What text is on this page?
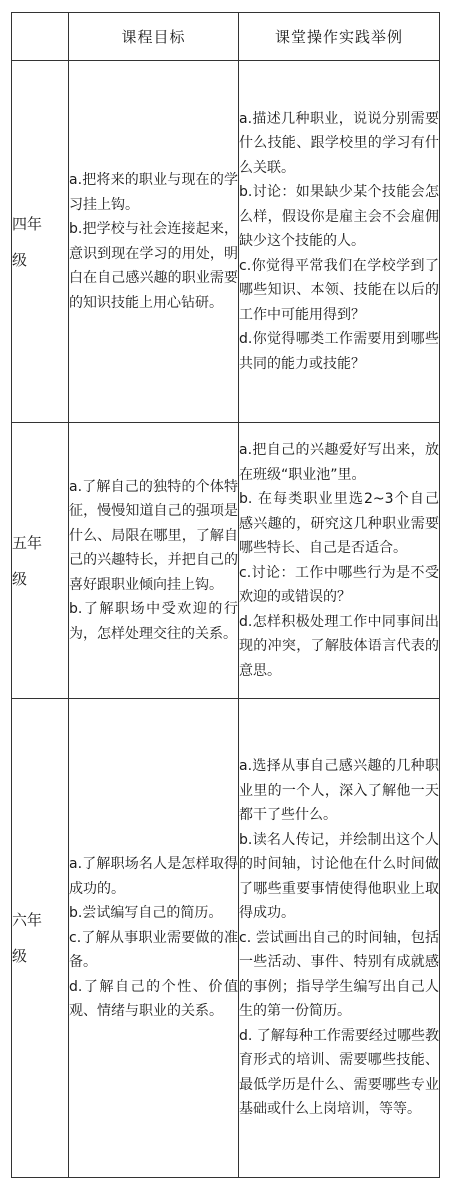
	课程目标	课堂操作实践举例

四年级	a.把将来的职业与现在的学习挂上钩。
b.把学校与社会连接起来，意识到现在学习的用处，明白在自己感兴趣的职业需要的知识技能上用心钻研。	a.描述几种职业，说说分别需要什么技能、跟学校里的学习有什么关联。
b.讨论：如果缺少某个技能会怎么样，假设你是雇主会不会雇佣缺少这个技能的人。
c.你觉得平常我们在学校学到了哪些知识、本领、技能在以后的工作中可能用得到？
d.你觉得哪类工作需要用到哪些共同的能力或技能？

五年级	a.了解自己的独特的个体特征，慢慢知道自己的强项是什么、局限在哪里，了解自己的兴趣特长，并把自己的喜好跟职业倾向挂上钩。
b.了解职场中受欢迎的行为，怎样处理交往的关系。	a.把自己的兴趣爱好写出来，放在班级“职业池”里。
b. 在每类职业里选2~3个自己感兴趣的，研究这几种职业需要哪些特长、自己是否适合。
c.讨论：工作中哪些行为是不受欢迎的或错误的？
d.怎样积极处理工作中同事间出现的冲突，了解肢体语言代表的意思。

六年级	a.了解职场名人是怎样取得成功的。
b.尝试编写自己的简历。
c.了解从事职业需要做的准备。
d.了解自己的个性、价值观、情绪与职业的关系。	a.选择从事自己感兴趣的几种职业里的一个人，深入了解他一天都干了些什么。
b.读名人传记，并绘制出这个人的时间轴，讨论他在什么时间做了哪些重要事情使得他职业上取得成功。
c. 尝试画出自己的时间轴，包括一些活动、事件、特别有成就感的事例；指导学生编写出自己人生的第一份简历。
d. 了解每种工作需要经过哪些教育形式的培训、需要哪些技能、最低学历是什么、需要哪些专业基础或什么上岗培训，等等。
